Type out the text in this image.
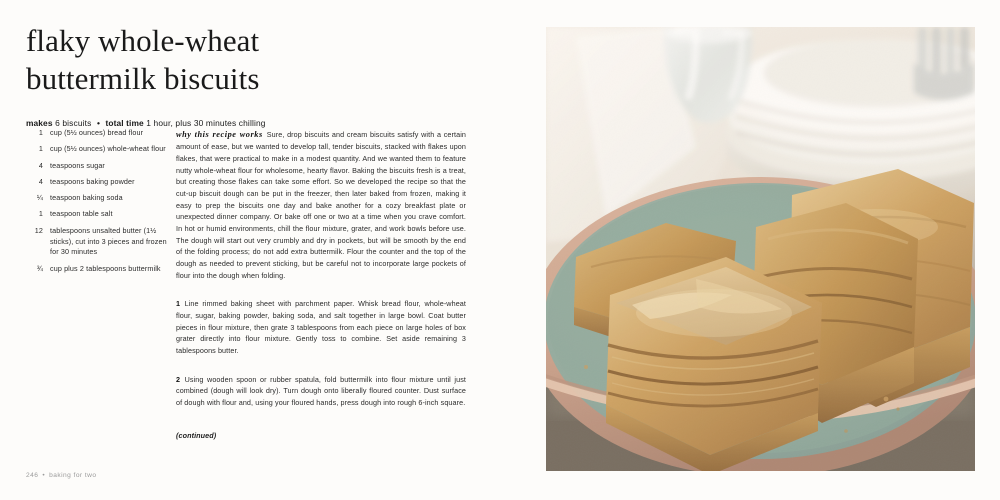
flaky whole-wheat
buttermilk biscuits
makes 6 biscuits • total time 1 hour, plus 30 minutes chilling
1 cup (5½ ounces) bread flour
1 cup (5½ ounces) whole-wheat flour
4 teaspoons sugar
4 teaspoons baking powder
¼ teaspoon baking soda
1 teaspoon table salt
12 tablespoons unsalted butter (1½ sticks), cut into 3 pieces and frozen for 30 minutes
¾ cup plus 2 tablespoons buttermilk
why this recipe works Sure, drop biscuits and cream biscuits satisfy with a certain amount of ease, but we wanted to develop tall, tender biscuits, stacked with flakes upon flakes, that were practical to make in a modest quantity. And we wanted them to feature nutty whole-wheat flour for wholesome, hearty flavor. Baking the biscuits fresh is a treat, but creating those flakes can take some effort. So we developed the recipe so that the cut-up biscuit dough can be put in the freezer, then later baked from frozen, making it easy to prep the biscuits one day and bake another for a cozy breakfast plate or unexpected dinner company. Or bake off one or two at a time when you crave comfort. In hot or humid environments, chill the flour mixture, grater, and work bowls before use. The dough will start out very crumbly and dry in pockets, but will be smooth by the end of the folding process; do not add extra buttermilk. Flour the counter and the top of the dough as needed to prevent sticking, but be careful not to incorporate large pockets of flour into the dough when folding.
1 Line rimmed baking sheet with parchment paper. Whisk bread flour, whole-wheat flour, sugar, baking powder, baking soda, and salt together in large bowl. Coat butter pieces in flour mixture, then grate 3 tablespoons from each piece on large holes of box grater directly into flour mixture. Gently toss to combine. Set aside remaining 3 tablespoons butter.
2 Using wooden spoon or rubber spatula, fold buttermilk into flour mixture until just combined (dough will look dry). Turn dough onto liberally floured counter. Dust surface of dough with flour and, using your floured hands, press dough into rough 6-inch square.
(continued)
246 • baking for two
